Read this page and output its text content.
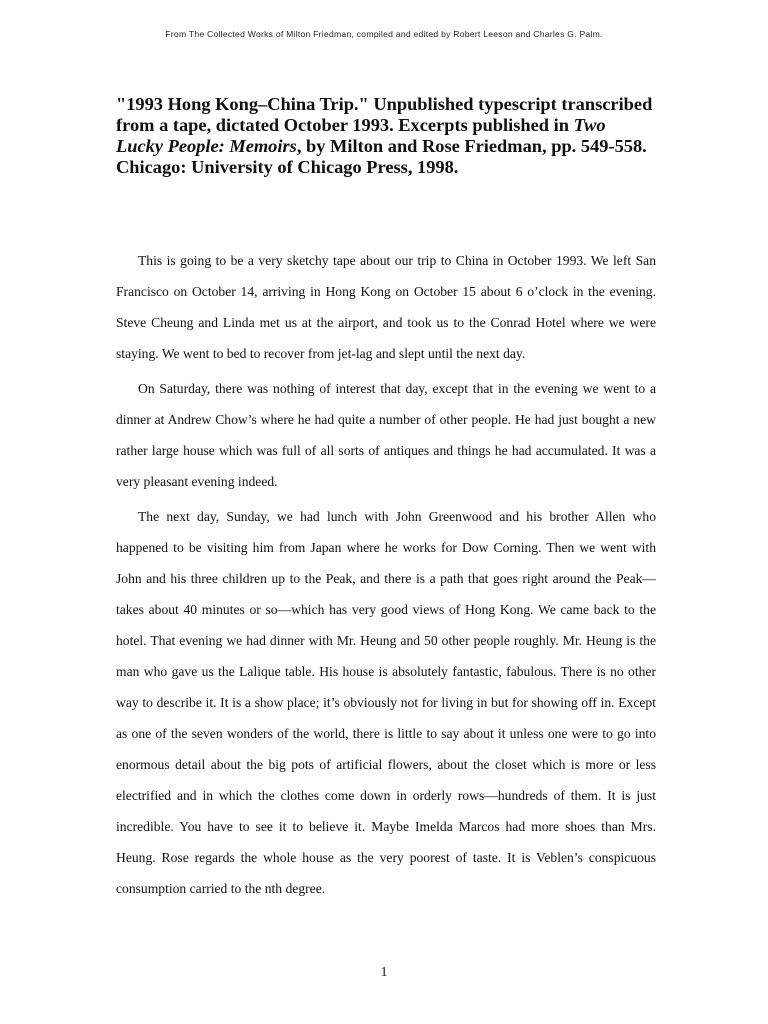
From The Collected Works of Milton Friedman, compiled and edited by Robert Leeson and Charles G. Palm.
"1993 Hong Kong–China Trip." Unpublished typescript transcribed from a tape, dictated October 1993. Excerpts published in Two Lucky People: Memoirs, by Milton and Rose Friedman, pp. 549-558. Chicago: University of Chicago Press, 1998.

This is going to be a very sketchy tape about our trip to China in October 1993. We left San Francisco on October 14, arriving in Hong Kong on October 15 about 6 o’clock in the evening. Steve Cheung and Linda met us at the airport, and took us to the Conrad Hotel where we were staying. We went to bed to recover from jet-lag and slept until the next day.

On Saturday, there was nothing of interest that day, except that in the evening we went to a dinner at Andrew Chow’s where he had quite a number of other people. He had just bought a new rather large house which was full of all sorts of antiques and things he had accumulated. It was a very pleasant evening indeed.

The next day, Sunday, we had lunch with John Greenwood and his brother Allen who happened to be visiting him from Japan where he works for Dow Corning. Then we went with John and his three children up to the Peak, and there is a path that goes right around the Peak—takes about 40 minutes or so—which has very good views of Hong Kong. We came back to the hotel. That evening we had dinner with Mr. Heung and 50 other people roughly. Mr. Heung is the man who gave us the Lalique table. His house is absolutely fantastic, fabulous. There is no other way to describe it. It is a show place; it’s obviously not for living in but for showing off in. Except as one of the seven wonders of the world, there is little to say about it unless one were to go into enormous detail about the big pots of artificial flowers, about the closet which is more or less electrified and in which the clothes come down in orderly rows—hundreds of them. It is just incredible. You have to see it to believe it. Maybe Imelda Marcos had more shoes than Mrs. Heung. Rose regards the whole house as the very poorest of taste. It is Veblen’s conspicuous consumption carried to the nth degree.

1
